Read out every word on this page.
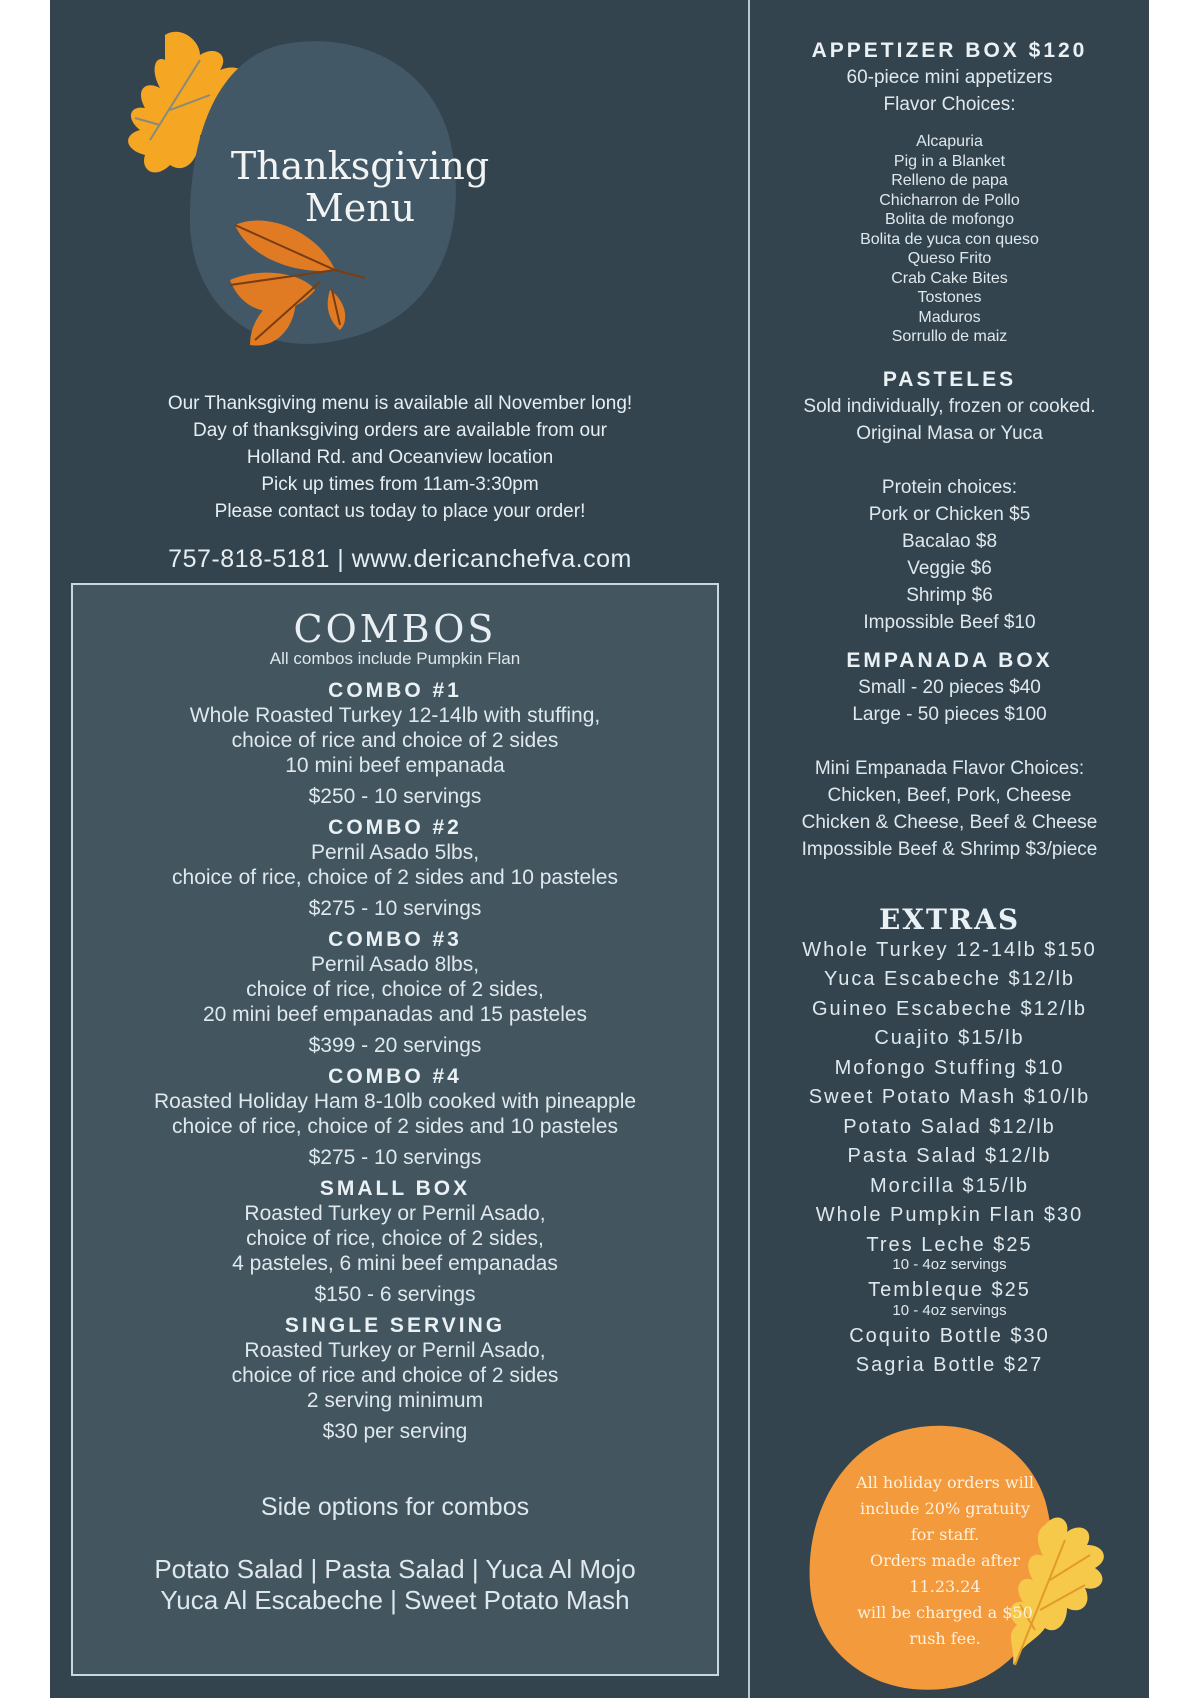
Thanksgiving
Menu
Our Thanksgiving menu is available all November long!
Day of thanksgiving orders are available from our
Holland Rd. and Oceanview location
Pick up times from 11am-3:30pm
Please contact us today to place your order!
757-818-5181 | www.dericanchefva.com
COMBOS
All combos include Pumpkin Flan
COMBO #1
Whole Roasted Turkey 12-14lb with stuffing,
choice of rice and choice of 2 sides
10 mini beef empanada
$250 - 10 servings
COMBO #2
Pernil Asado 5lbs,
choice of rice, choice of 2 sides and 10 pasteles
$275 - 10 servings
COMBO #3
Pernil Asado 8lbs,
choice of rice, choice of 2 sides,
20 mini beef empanadas and 15 pasteles
$399 - 20 servings
COMBO #4
Roasted Holiday Ham 8-10lb cooked with pineapple
choice of rice, choice of 2 sides and 10 pasteles
$275 - 10 servings
SMALL BOX
Roasted Turkey or Pernil Asado,
choice of rice, choice of 2 sides,
4 pasteles, 6 mini beef empanadas
$150 - 6 servings
SINGLE SERVING
Roasted Turkey or Pernil Asado,
choice of rice and choice of 2 sides
2 serving minimum
$30 per serving
Side options for combos
Potato Salad | Pasta Salad | Yuca Al Mojo
Yuca Al Escabeche | Sweet Potato Mash
APPETIZER BOX $120
60-piece mini appetizers
Flavor Choices:
Alcapuria
Pig in a Blanket
Relleno de papa
Chicharron de Pollo
Bolita de mofongo
Bolita de yuca con queso
Queso Frito
Crab Cake Bites
Tostones
Maduros
Sorrullo de maiz
PASTELES
Sold individually, frozen or cooked.
Original Masa or Yuca
Protein choices:
Pork or Chicken $5
Bacalao $8
Veggie $6
Shrimp $6
Impossible Beef $10
EMPANADA BOX
Small - 20 pieces $40
Large - 50 pieces $100
Mini Empanada Flavor Choices:
Chicken, Beef, Pork, Cheese
Chicken & Cheese, Beef & Cheese
Impossible Beef & Shrimp $3/piece
EXTRAS
Whole Turkey 12-14lb $150
Yuca Escabeche $12/lb
Guineo Escabeche $12/lb
Cuajito $15/lb
Mofongo Stuffing $10
Sweet Potato Mash $10/lb
Potato Salad $12/lb
Pasta Salad $12/lb
Morcilla $15/lb
Whole Pumpkin Flan $30
Tres Leche $25
10 - 4oz servings
Tembleque $25
10 - 4oz servings
Coquito Bottle $30
Sagria Bottle $27
All holiday orders will
include 20% gratuity
for staff.
Orders made after
11.23.24
will be charged a $50
rush fee.
